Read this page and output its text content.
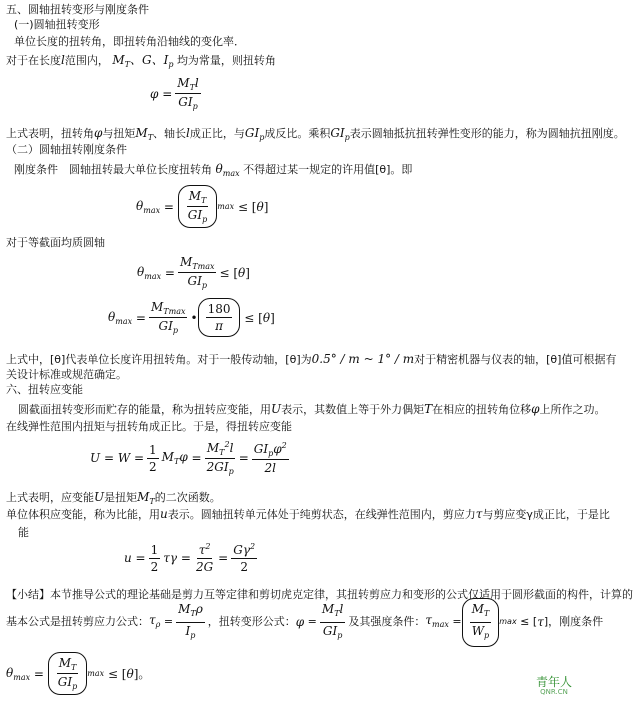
五、圆轴扭转变形与刚度条件
(一)圆轴扭转变形
单位长度的扭转角，即扭转角沿轴线的变化率．
对于在长度l范围内， $M_T$、G、$I_p$ 均为常量，则扭转角
$\varphi = \frac{M_Tl}{GI_p}$
上式表明，扭转角φ与扭矩$M_T$、轴长l成正比，与$GI_p$成反比。乘积$GI_p$表示圆轴抵抗扭转弹性变形的能力，称为圆轴抗扭刚度。
（二）圆轴扭转刚度条件
刚度条件　圆轴扭转最大单位长度扭转角 $\theta_{max}$ 不得超过某一规定的许用值[θ]。即
$\theta_{max} = \frac{M_T}{GI_p}$ max ≤ [ θ ]
对于等截面均质圆轴
$\theta_{max} = \frac{M_{Tmax}}{GI_p}$ ≤ [ θ ]
$\theta_{max} = \frac{M_{Tmax}}{GI_p}$ • $\frac{180}{\pi}$ ≤ [ θ ]
上式中，[θ]代表单位长度许用扭转角。对于一般传动轴，[θ]为0.5° / m ~ 1° / m对于精密机器与仪表的轴，[θ]值可根据有
关设计标准或规范确定。
六、扭转应变能
圆截面扭转变形而贮存的能量，称为扭转应变能，用U表示，其数值上等于外力偶矩T在相应的扭转角位移φ上所作之功。
在线弹性范围内扭矩与扭转角成正比。于是，得扭转应变能
$U = W = \frac{1}{2} M_T\varphi = \frac{M_T^2l}{2GI_p} = \frac{GI_p\varphi^2}{2l}$
上式表明，应变能U是扭矩$M_T$的二次函数。
单位体积应变能，称为比能，用u表示。圆轴扭转单元体处于纯剪状态，在线弹性范围内，剪应力τ与剪应变γ成正比，于是比
能
$u = \frac{1}{2}$ $\tau\gamma = \frac{\tau^2}{2G} = \frac{G\gamma^2}{2}$
【小结】本节推导公式的理论基础是剪力互等定律和剪切虎克定律，其扭转剪应力和变形的公式仅适用于圆形截面的构件，计算的
基本公式是扭转剪应力公式： $\tau_\rho = \frac{M_T\rho}{I_p}$ ，扭转变形公式： $\varphi = \frac{M_Tl}{GI_p}$ 及其强度条件： $\tau_{max} = \frac{M_T}{W_p}$ max ≤ [ τ ] ，刚度条件
$\theta_{max} = \frac{M_T}{GI_p}$ max ≤ [ θ ] 。
青年人
QNR.CN
